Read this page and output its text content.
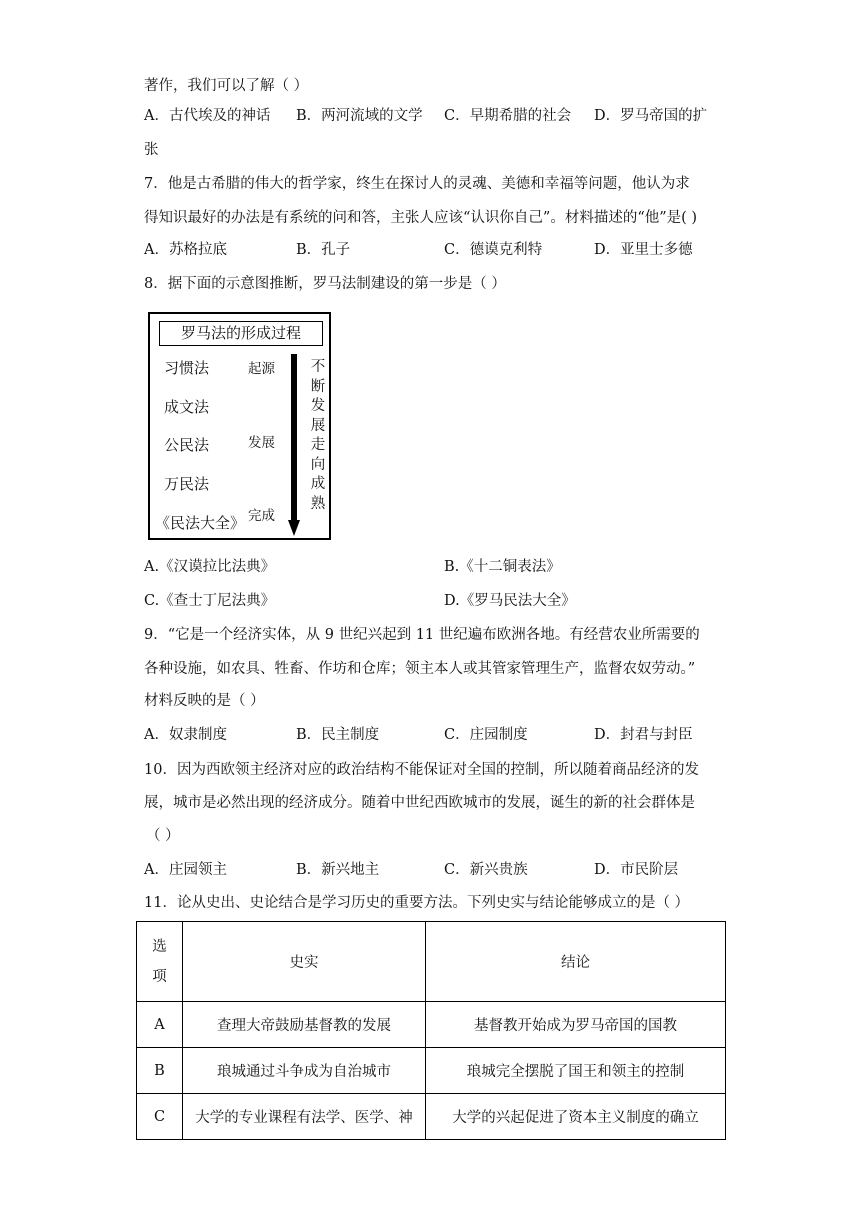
著作，我们可以了解（ ）
A．古代埃及的神话 B．两河流域的文学 C．早期希腊的社会 D．罗马帝国的扩
张
7．他是古希腊的伟大的哲学家，终生在探讨人的灵魂、美德和幸福等问题，他认为求
得知识最好的办法是有系统的问和答，主张人应该“认识你自己”。材料描述的“他”是( )
A．苏格拉底	B．孔子	C．德谟克利特	D．亚里士多德
8．据下面的示意图推断，罗马法制建设的第一步是（ ）
罗马法的形成过程
习惯法
成文法
公民法
万民法
《民法大全》
起源
发展
完成
不
断
发
展
走
向
成
熟
A.《汉谟拉比法典》	B.《十二铜表法》
C.《查士丁尼法典》	D.《罗马民法大全》
9．“它是一个经济实体，从 9 世纪兴起到 11 世纪遍布欧洲各地。有经营农业所需要的
各种设施，如农具、牲畜、作坊和仓库；领主本人或其管家管理生产，监督农奴劳动。”
材料反映的是（ ）
A．奴隶制度	B．民主制度	C．庄园制度	D．封君与封臣
10．因为西欧领主经济对应的政治结构不能保证对全国的控制，所以随着商品经济的发
展，城市是必然出现的经济成分。随着中世纪西欧城市的发展，诞生的新的社会群体是
（ ）
A．庄园领主	B．新兴地主	C．新兴贵族	D．市民阶层
11．论从史出、史论结合是学习历史的重要方法。下列史实与结论能够成立的是（ ）
选
项	史实	结论
A	查理大帝鼓励基督教的发展	基督教开始成为罗马帝国的国教
B	琅城通过斗争成为自治城市	琅城完全摆脱了国王和领主的控制
C	大学的专业课程有法学、医学、神	大学的兴起促进了资本主义制度的确立
